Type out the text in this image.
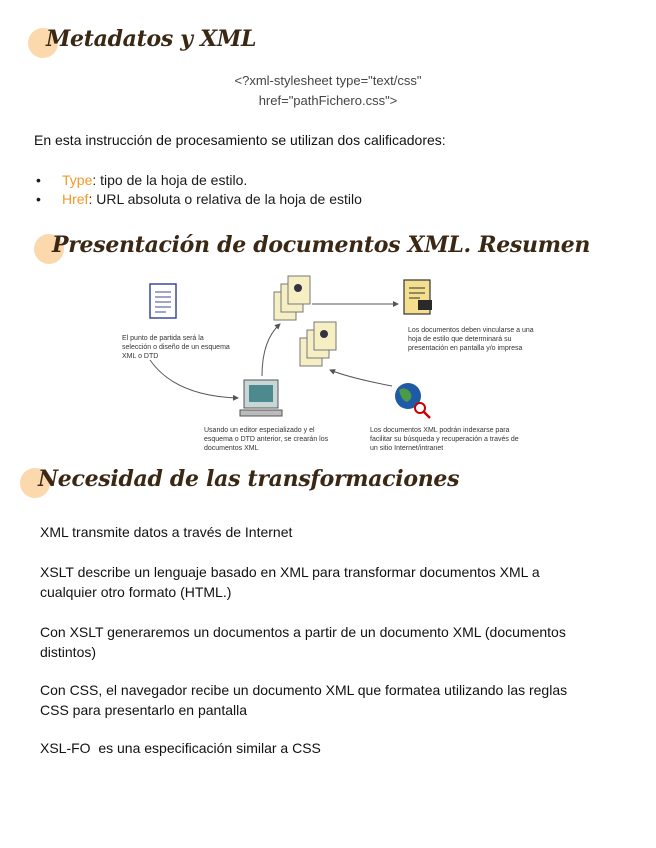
Metadatos y XML
<?xml-stylesheet type="text/css"
href="pathFichero.css">
En esta instrucción de procesamiento se utilizan dos calificadores:
• Type: tipo de la hoja de estilo.
• Href: URL absoluta o relativa de la hoja de estilo
Presentación de documentos XML. Resumen
El punto de partida será la selección o diseño de un esquema XML o DTD
Los documentos deben vincularse a una hoja de estilo que determinará su presentación en pantalla y/o impresa
Usando un editor especializado y el esquema o DTD anterior, se crearán los documentos XML
Los documentos XML podrán indexarse para facilitar su búsqueda y recuperación a través de un sitio Internet/intranet
Necesidad de las transformaciones
XML transmite datos a través de Internet
XSLT describe un lenguaje basado en XML para transformar documentos XML a cualquier otro formato (HTML.)
Con XSLT generaremos un documentos a partir de un documento XML (documentos distintos)
Con CSS, el navegador recibe un documento XML que formatea utilizando las reglas CSS para presentarlo en pantalla
XSL-FO  es una especificación similar a CSS
